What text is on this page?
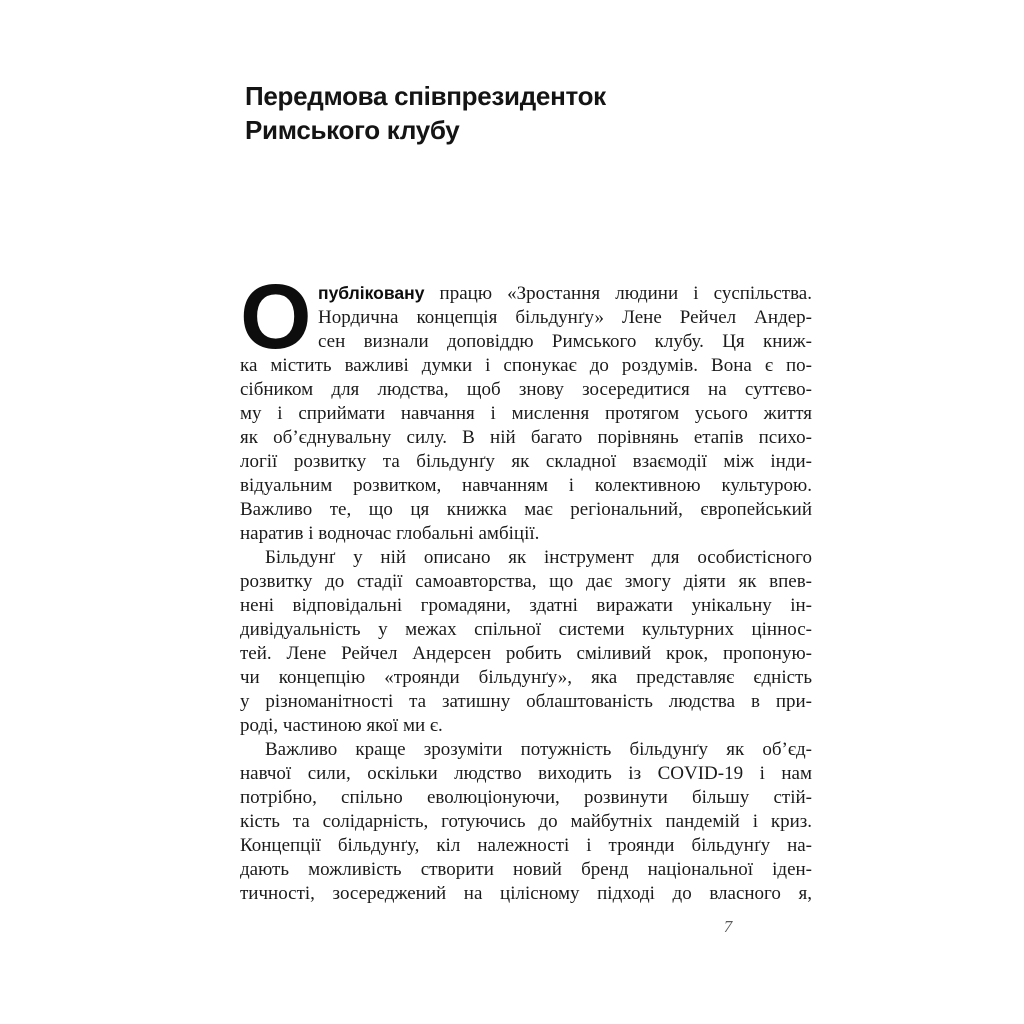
Передмова співпрезиденток
Римського клубу
О публіковану працю «Зростання людини і суспільства.
Нордична концепція більдунґу» Лене Рейчел Андер-
сен визнали доповіддю Римського клубу. Ця книж-
ка містить важливі думки і спонукає до роздумів. Вона є по-
сібником для людства, щоб знову зосередитися на суттєво-
му і сприймати навчання і мислення протягом усього життя
як об’єднувальну силу. В ній багато порівнянь етапів психо-
логії розвитку та більдунґу як складної взаємодії між інди-
відуальним розвитком, навчанням і колективною культурою.
Важливо те, що ця книжка має регіональний, європейський
наратив і водночас глобальні амбіції.
Більдунґ у ній описано як інструмент для особистісного
розвитку до стадії самоавторства, що дає змогу діяти як впев-
нені відповідальні громадяни, здатні виражати унікальну ін-
дивідуальність у межах спільної системи культурних ціннос-
тей. Лене Рейчел Андерсен робить сміливий крок, пропоную-
чи концепцію «троянди більдунґу», яка представляє єдність
у різноманітності та затишну облаштованість людства в при-
роді, частиною якої ми є.
Важливо краще зрозуміти потужність більдунґу як об’єд-
навчої сили, оскільки людство виходить із COVID-19 і нам
потрібно, спільно еволюціонуючи, розвинути більшу стій-
кість та солідарність, готуючись до майбутніх пандемій і криз.
Концепції більдунґу, кіл належності і троянди більдунґу на-
дають можливість створити новий бренд національної іден-
тичності, зосереджений на цілісному підході до власного я,
7
